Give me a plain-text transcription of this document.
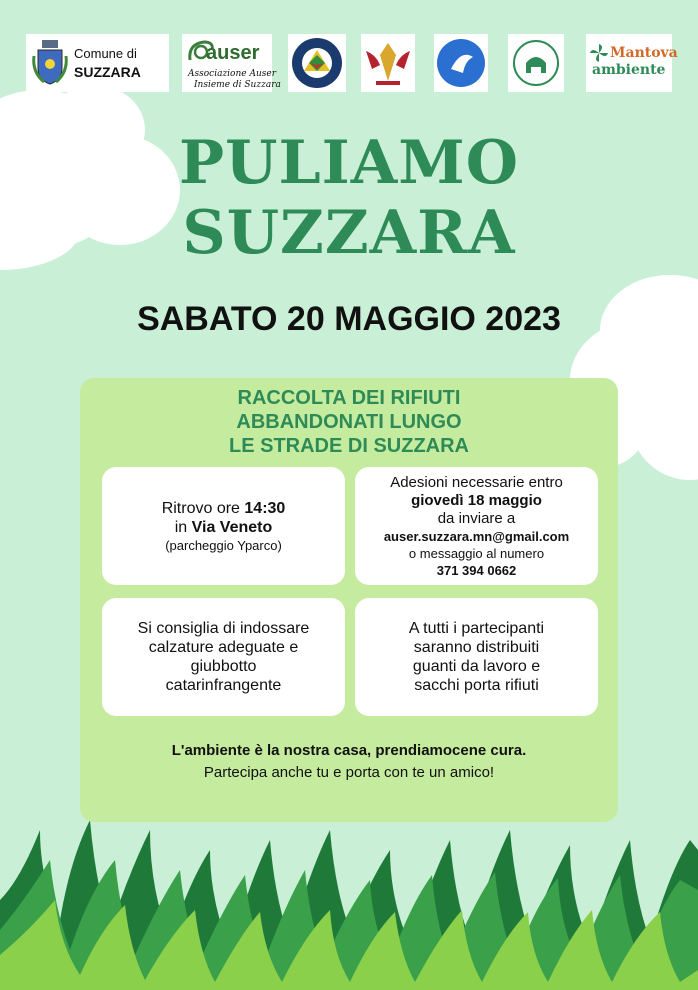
Comune di
SUZZARA
auser
Associazione Auser
Insieme di Suzzara
Mantova
ambiente
PULIAMO
SUZZARA
SABATO 20 MAGGIO 2023
RACCOLTA DEI RIFIUTI
ABBANDONATI LUNGO
LE STRADE DI SUZZARA
Ritrovo ore 14:30
in Via Veneto
(parcheggio Yparco)
Adesioni necessarie entro
giovedì 18 maggio
da inviare a
auser.suzzara.mn@gmail.com
o messaggio al numero
371 394 0662
Si consiglia di indossare
calzature adeguate e
giubbotto
catarinfrangente
A tutti i partecipanti
saranno distribuiti
guanti da lavoro e
sacchi porta rifiuti
L'ambiente è la nostra casa, prendiamocene cura.
Partecipa anche tu e porta con te un amico!
